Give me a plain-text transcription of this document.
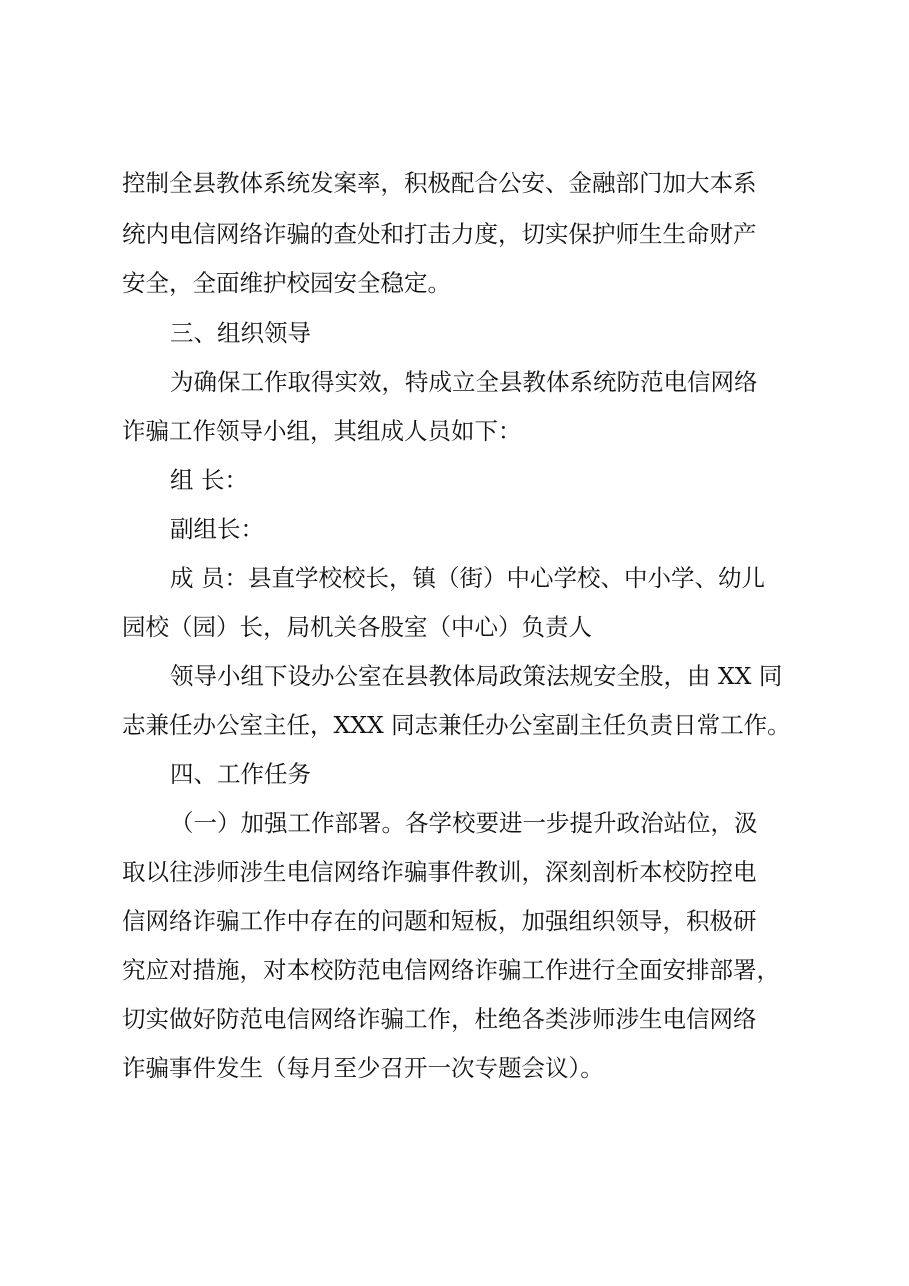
控制全县教体系统发案率，积极配合公安、金融部门加大本系

统内电信网络诈骗的查处和打击力度，切实保护师生生命财产

安全，全面维护校园安全稳定。

三、组织领导

为确保工作取得实效，特成立全县教体系统防范电信网络

诈骗工作领导小组，其组成人员如下：

组 长：

副组长：

成 员：县直学校校长，镇（街）中心学校、中小学、幼儿

园校（园）长，局机关各股室（中心）负责人

领导小组下设办公室在县教体局政策法规安全股，由 XX 同

志兼任办公室主任，XXX 同志兼任办公室副主任负责日常工作。

四、工作任务

（一）加强工作部署。各学校要进一步提升政治站位，汲

取以往涉师涉生电信网络诈骗事件教训，深刻剖析本校防控电

信网络诈骗工作中存在的问题和短板，加强组织领导，积极研

究应对措施，对本校防范电信网络诈骗工作进行全面安排部署，

切实做好防范电信网络诈骗工作，杜绝各类涉师涉生电信网络

诈骗事件发生（每月至少召开一次专题会议）。
